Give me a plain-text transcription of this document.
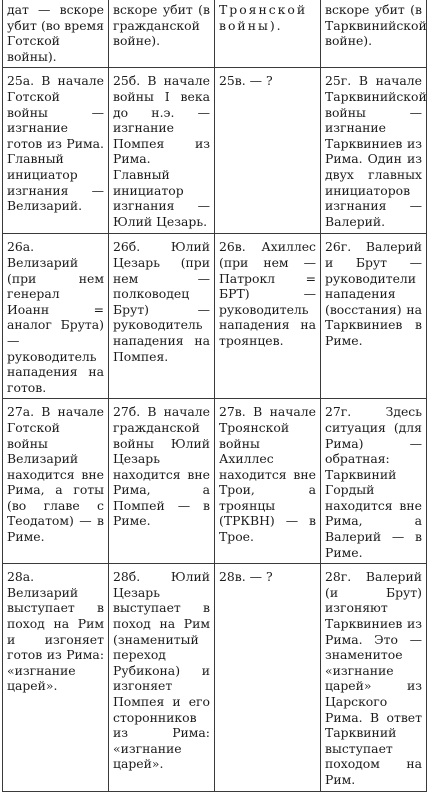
дат — вскоре убит (во время Готской войны).	вскоре убит (в гражданской войне).	Троянской войны).	вскоре убит (в Тарквинийской войне).
25а. В начале Готской войны — изгнание готов из Рима. Главный инициатор изгнания — Велизарий.	25б. В начале войны I века до н.э. — изгнание Помпея из Рима. Главный инициатор изгнания — Юлий Цезарь.	25в. — ?	25г. В начале Тарквинийской войны — изгнание Тарквиниев из Рима. Один из двух главных инициаторов изгнания — Валерий.
26а. Велизарий (при нем генерал Иоанн = аналог Брута) — руководитель нападения на готов.	26б. Юлий Цезарь (при нем — полководец Брут) — руководитель нападения на Помпея.	26в. Ахиллес (при нем — Патрокл = БРТ) — руководитель нападения на троянцев.	26г. Валерий и Брут — руководители нападения (восстания) на Тарквиниев в Риме.
27а. В начале Готской войны Велизарий находится вне Рима, а готы (во главе с Теодатом) — в Риме.	27б. В начале гражданской войны Юлий Цезарь находится вне Рима, а Помпей — в Риме.	27в. В начале Троянской войны Ахиллес находится вне Трои, а троянцы (ТРКВН) — в Трое.	27г. Здесь ситуация (для Рима) — обратная: Тарквиний Гордый находится вне Рима, а Валерий — в Риме.
28а. Велизарий выступает в поход на Рим и изгоняет готов из Рима: «изгнание царей».	28б. Юлий Цезарь выступает в поход на Рим (знаменитый переход Рубикона) и изгоняет Помпея и его сторонников из Рима: «изгнание царей».	28в. — ?	28г. Валерий (и Брут) изгоняют Тарквиниев из Рима. Это — знаменитое «изгнание царей» из Царского Рима. В ответ Тарквиний выступает походом на Рим.
